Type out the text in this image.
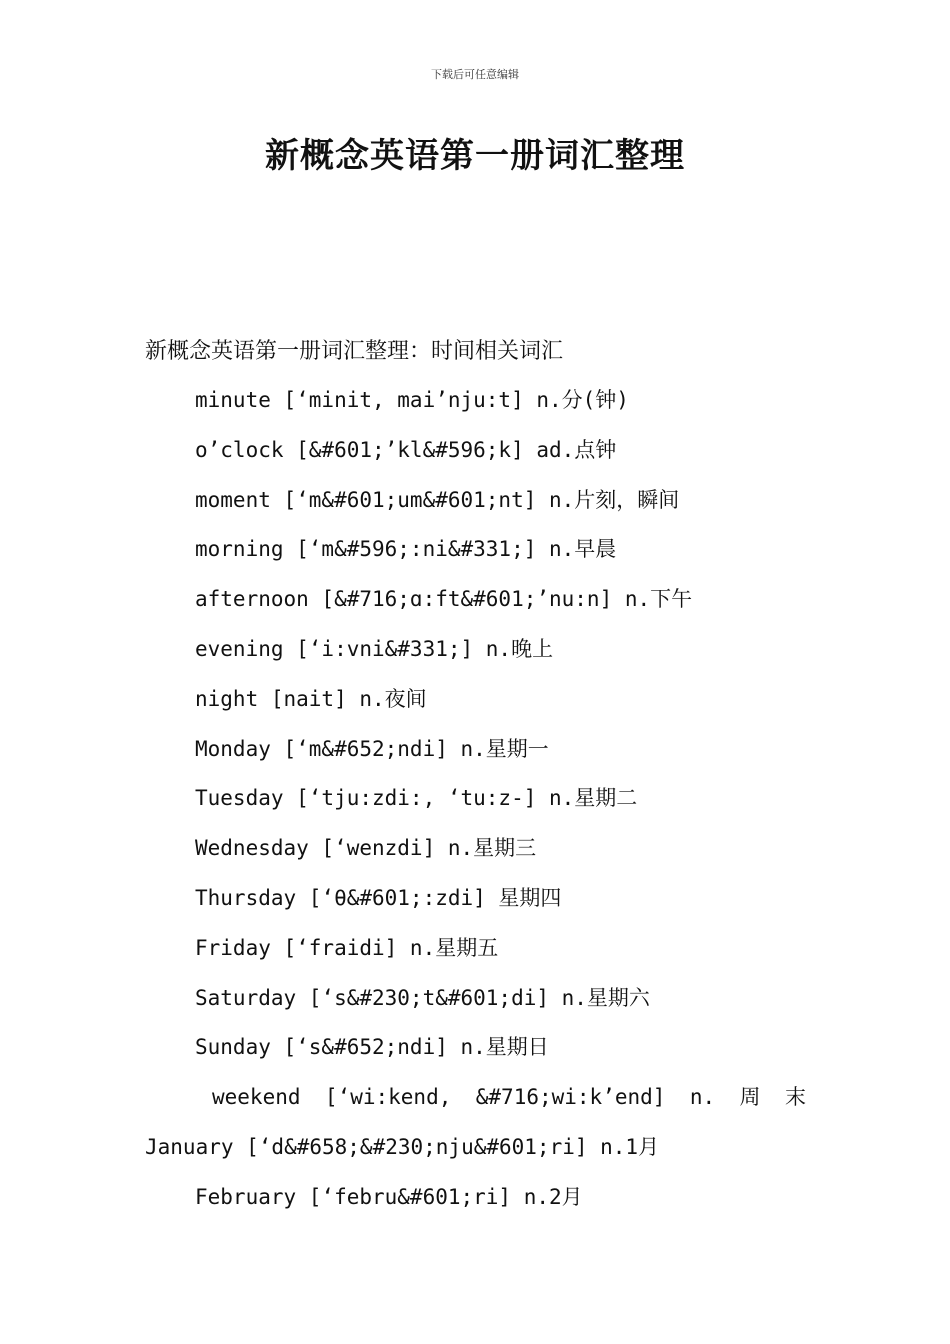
下载后可任意编辑
新概念英语第一册词汇整理
新概念英语第一册词汇整理：时间相关词汇
minute [‘minit, mai’nju:t] n.分(钟)
o’clock [&#601;’kl&#596;k] ad.点钟
moment [‘m&#601;um&#601;nt] n.片刻，瞬间
morning [‘m&#596;:ni&#331;] n.早晨
afternoon [&#716;ɑ:ft&#601;’nu:n] n.下午
evening [‘i:vni&#331;] n.晚上
night [nait] n.夜间
Monday [‘m&#652;ndi] n.星期一
Tuesday [‘tju:zdi:, ‘tu:z-] n.星期二
Wednesday [‘wenzdi] n.星期三
Thursday [‘θ&#601;:zdi] 星期四
Friday [‘fraidi] n.星期五
Saturday [‘s&#230;t&#601;di] n.星期六
Sunday [‘s&#652;ndi] n.星期日
weekend [‘wi:kend, &#716;wi:k’end] n. 周 末
January [‘d&#658;&#230;nju&#601;ri] n.1月
February [‘febru&#601;ri] n.2月
